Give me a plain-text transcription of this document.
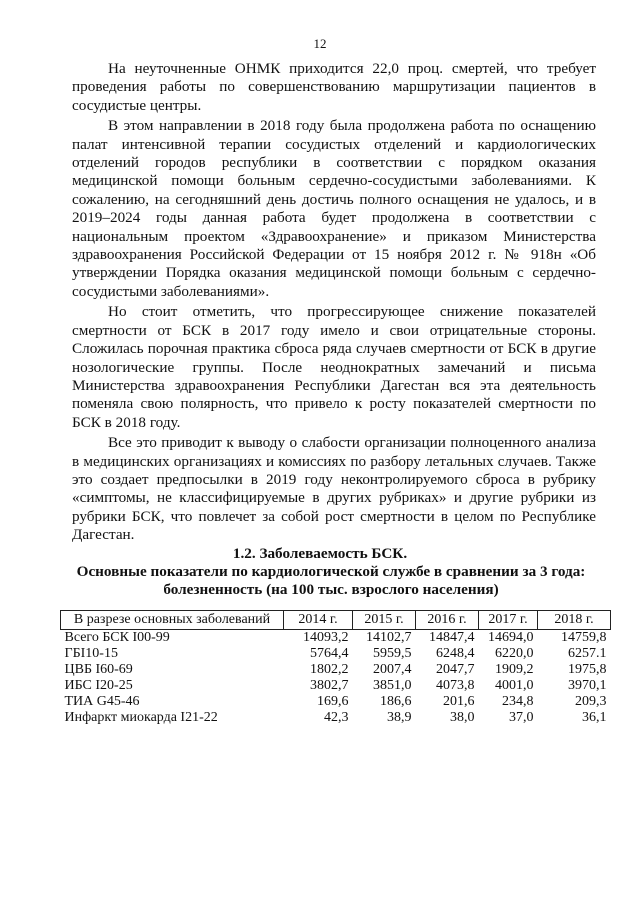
12

На неуточненные ОНМК приходится 22,0 проц. смертей, что требует проведения работы по совершенствованию маршрутизации пациентов в сосудистые центры.

В этом направлении в 2018 году была продолжена работа по оснащению палат интенсивной терапии сосудистых отделений и кардиологических отделений городов республики в соответствии с порядком оказания медицинской помощи больным сердечно-сосудистыми заболеваниями. К сожалению, на сегодняшний день достичь полного оснащения не удалось, и в 2019–2024 годы данная работа будет продолжена в соответствии с национальным проектом «Здравоохранение» и приказом Министерства здравоохранения Российской Федерации от 15 ноября 2012 г. № 918н «Об утверждении Порядка оказания медицинской помощи больным с сердечно-сосудистыми заболеваниями».

Но стоит отметить, что прогрессирующее снижение показателей смертности от БСК в 2017 году имело и свои отрицательные стороны. Сложилась порочная практика сброса ряда случаев смертности от БСК в другие нозологические группы. После неоднократных замечаний и письма Министерства здравоохранения Республики Дагестан вся эта деятельность поменяла свою полярность, что привело к росту показателей смертности по БСК в 2018 году.

Все это приводит к выводу о слабости организации полноценного анализа в медицинских организациях и комиссиях по разбору летальных случаев. Также это создает предпосылки в 2019 году неконтролируемого сброса в рубрику «симптомы, не классифицируемые в других рубриках» и другие рубрики из рубрики БСК, что повлечет за собой рост смертности в целом по Республике Дагестан.

1.2. Заболеваемость БСК.
Основные показатели по кардиологической службе в сравнении за 3 года: болезненность (на 100 тыс. взрослого населения)
В разрезе основных заболеваний	2014 г.	2015 г.	2016 г.	2017 г.	2018 г.
Всего БСК I00-99	14093,2	14102,7	14847,4	14694,0	14759,8
ГБI10-15	5764,4	5959,5	6248,4	6220,0	6257.1
ЦВБ I60-69	1802,2	2007,4	2047,7	1909,2	1975,8
ИБС I20-25	3802,7	3851,0	4073,8	4001,0	3970,1
ТИА G45-46	169,6	186,6	201,6	234,8	209,3
Инфаркт миокарда I21-22	42,3	38,9	38,0	37,0	36,1
